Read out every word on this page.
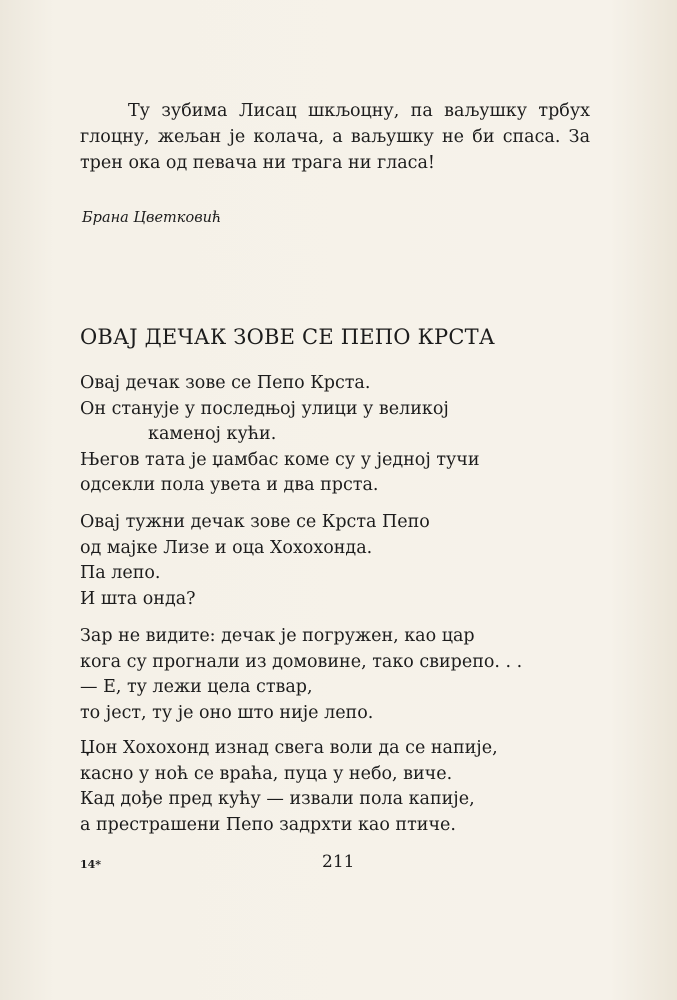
Ту зубима Лисац шкљоцну, па ваљушку трбух глоцну, жељан је колача, а ваљушку не би спаса. За трен ока од певача ни трага ни гласа!

Брана Цветковић
ОВАЈ ДЕЧАК ЗОВЕ СЕ ПЕПО КРСТА
Овај дечак зове се Пепо Крста.
Он станује у последњој улици у великој
каменој кући.
Његов тата је џамбас коме су у једној тучи
одсекли пола увета и два прста.
Овај тужни дечак зове се Крста Пепо
од мајке Лизе и оца Хохохонда.
Па лепо.
И шта онда?
Зар не видите: дечак је погружен, као цар
кога су прогнали из домовине, тако свирепо. . .
— Е, ту лежи цела ствар,
то јест, ту је оно што није лепо.
Џон Хохохонд изнад свега воли да се напије,
касно у ноћ се враћа, пуца у небо, виче.
Кад дође пред кућу — извали пола капије,
а престрашени Пепо задрхти као птиче.
14*	211
